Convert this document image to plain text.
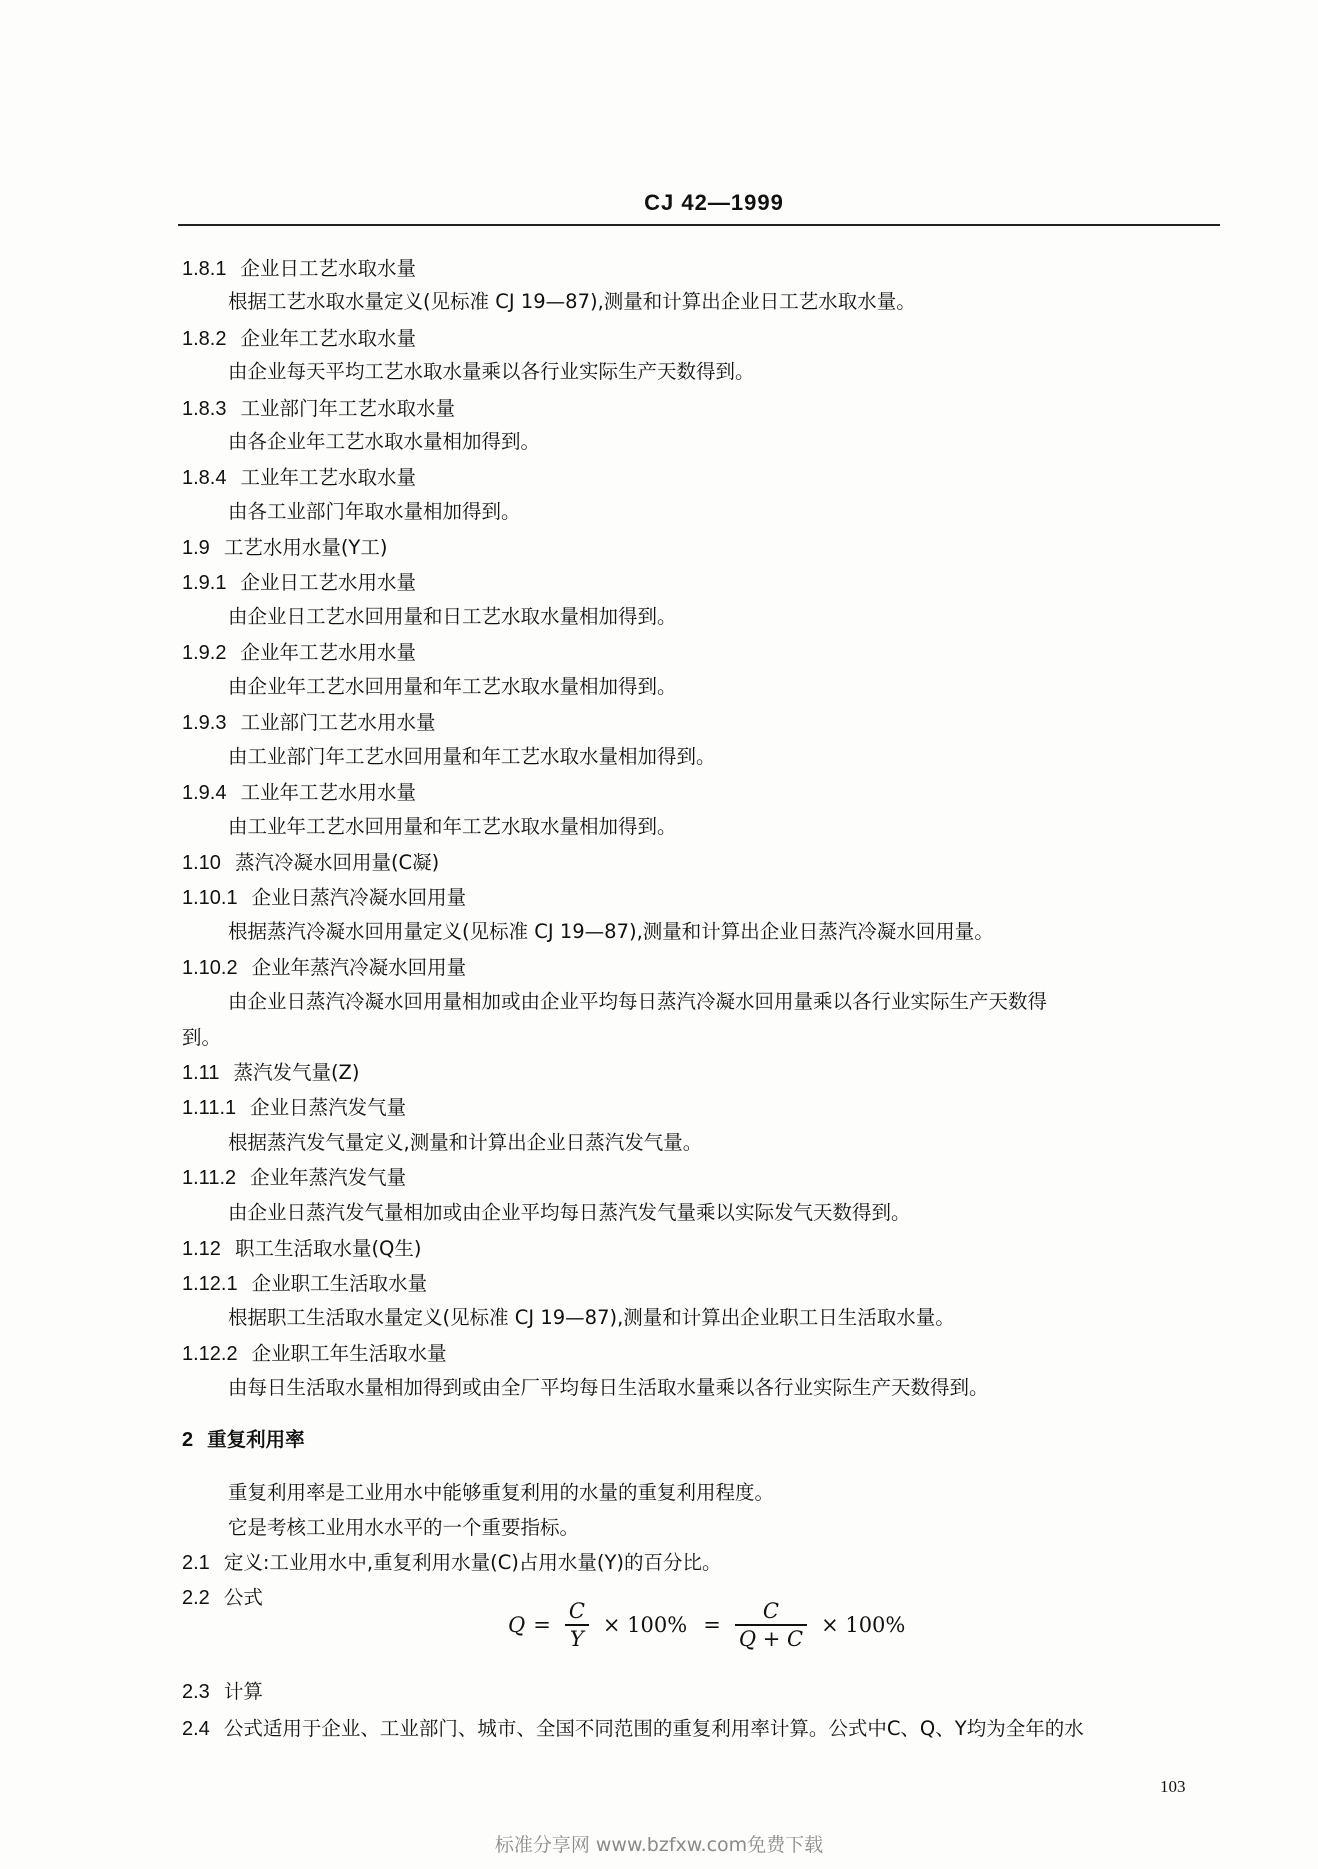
CJ 42—1999
1.8.1 企业日工艺水取水量
根据工艺水取水量定义(见标准 CJ 19—87),测量和计算出企业日工艺水取水量。
1.8.2 企业年工艺水取水量
由企业每天平均工艺水取水量乘以各行业实际生产天数得到。
1.8.3 工业部门年工艺水取水量
由各企业年工艺水取水量相加得到。
1.8.4 工业年工艺水取水量
由各工业部门年取水量相加得到。
1.9 工艺水用水量(Y工)
1.9.1 企业日工艺水用水量
由企业日工艺水回用量和日工艺水取水量相加得到。
1.9.2 企业年工艺水用水量
由企业年工艺水回用量和年工艺水取水量相加得到。
1.9.3 工业部门工艺水用水量
由工业部门年工艺水回用量和年工艺水取水量相加得到。
1.9.4 工业年工艺水用水量
由工业年工艺水回用量和年工艺水取水量相加得到。
1.10 蒸汽冷凝水回用量(C凝)
1.10.1 企业日蒸汽冷凝水回用量
根据蒸汽冷凝水回用量定义(见标准 CJ 19—87),测量和计算出企业日蒸汽冷凝水回用量。
1.10.2 企业年蒸汽冷凝水回用量
由企业日蒸汽冷凝水回用量相加或由企业平均每日蒸汽冷凝水回用量乘以各行业实际生产天数得
到。
1.11 蒸汽发气量(Z)
1.11.1 企业日蒸汽发气量
根据蒸汽发气量定义,测量和计算出企业日蒸汽发气量。
1.11.2 企业年蒸汽发气量
由企业日蒸汽发气量相加或由企业平均每日蒸汽发气量乘以实际发气天数得到。
1.12 职工生活取水量(Q生)
1.12.1 企业职工生活取水量
根据职工生活取水量定义(见标准 CJ 19—87),测量和计算出企业职工日生活取水量。
1.12.2 企业职工年生活取水量
由每日生活取水量相加得到或由全厂平均每日生活取水量乘以各行业实际生产天数得到。
2 重复利用率
重复利用率是工业用水中能够重复利用的水量的重复利用程度。
它是考核工业用水水平的一个重要指标。
2.1 定义:工业用水中,重复利用水量(C)占用水量(Y)的百分比。
2.2 公式
$Q = \frac{C}{Y} \times 100\% = \frac{C}{Q + C} \times 100\%$
2.3 计算
2.4 公式适用于企业、工业部门、城市、全国不同范围的重复利用率计算。公式中C、Q、Y均为全年的水
103
标准分享网 www.bzfxw.com免费下载
